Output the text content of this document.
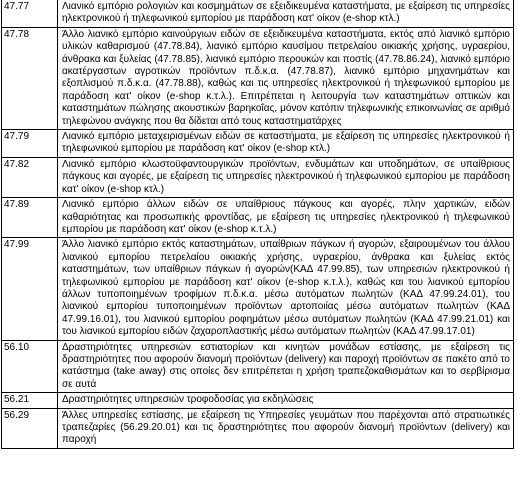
47.77	Λιανικό εμπόριο ρολογιών και κοσμημάτων σε εξειδικευμένα καταστήματα, με εξαίρεση τις υπηρεσίες ηλεκτρονικού ή τηλεφωνικού εμπορίου με παράδοση κατ' οίκον (e-shop κτλ.)
47.78	Άλλο λιανικό εμπόριο καινούργιων ειδών σε εξειδικευμένα καταστήματα, εκτός από λιανικό εμπόριο υλικών καθαρισμού (47.78.84), λιανικό εμπόριο καυσίμου πετρελαίου οικιακής χρήσης, υγραερίου, άνθρακα και ξυλείας (47.78.85), λιανικό εμπόριο περουκών και ποστίς (47.78.86.24), λιανικό εμπόριο ακατέργαστων αγροτικών προϊόντων π.δ.κ.α. (47.78.87), λιανικό εμπόριο μηχανημάτων και εξοπλισμού π.δ.κ.α. (47.78.88), καθώς και τις υπηρεσίες ηλεκτρονικού ή τηλεφωνικού εμπορίου με παράδοση κατ' οίκον (e-shop κ.τ.λ.). Επιτρέπεται η λειτουργία των καταστημάτων οπτικών και καταστημάτων πώλησης ακουστικών βαρηκοΐας, μόνον κατόπιν τηλεφωνικής επικοινωνίας σε αριθμό τηλεφώνου ανάγκης που θα δίδεται από τους καταστηματάρχες
47.79	Λιανικό εμπόριο μεταχειρισμένων ειδών σε καταστήματα, με εξαίρεση τις υπηρεσίες ηλεκτρονικού ή τηλεφωνικού εμπορίου με παράδοση κατ' οίκον (e-shop κτλ.)
47.82	Λιανικό εμπόριο κλωστοϋφαντουργικών προϊόντων, ενδυμάτων και υποδημάτων, σε υπαίθριους πάγκους και αγορές, με εξαίρεση τις υπηρεσίες ηλεκτρονικού ή τηλεφωνικού εμπορίου με παράδοση κατ' οίκον (e-shop κτλ.)
47.89	Λιανικό εμπόριο άλλων ειδών σε υπαίθριους πάγκους και αγορές, πλην χαρτικών, ειδών καθαριότητας και προσωπικής φροντίδας, με εξαίρεση τις υπηρεσίες ηλεκτρονικού ή τηλεφωνικού εμπορίου με παράδοση κατ' οίκον (e-shop κ.τ.λ.)
47.99	Άλλο λιανικό εμπόριο εκτός καταστημάτων, υπαίθριων πάγκων ή αγορών, εξαιρουμένων του άλλου λιανικού εμπορίου πετρελαίου οικιακής χρήσης, υγραερίου, άνθρακα και ξυλείας εκτός καταστημάτων, των υπαίθριων πάγκων ή αγορών(ΚΑΔ 47.99.85), των υπηρεσιών ηλεκτρονικού ή τηλεφωνικού εμπορίου με παράδοση κατ' οίκον (e-shop κ.τ.λ.), καθώς και του λιανικού εμπορίου άλλων τυποποιημένων τροφίμων π.δ.κ.α. μέσω αυτόματων πωλητών (ΚΑΔ 47.99.24.01), του λιανικού εμπορίου τυποποιημένων προϊόντων αρτοποιίας μέσω αυτόματων πωλητών (ΚΑΔ 47.99.16.01), του λιανικού εμπορίου ροφημάτων μέσω αυτόματων πωλητών (ΚΑΔ 47.99.21.01) και του λιανικού εμπορίου ειδών ζαχαροπλαστικής μέσω αυτόματων πωλητών (ΚΑΔ 47.99.17.01)
56.10	Δραστηριότητες υπηρεσιών εστιατορίων και κινητών μονάδων εστίασης, με εξαίρεση τις δραστηριότητες που αφορούν διανομή προϊόντων (delivery) και παροχή προϊόντων σε πακέτο από το κατάστημα (take away) στις οποίες δεν επιτρέπεται η χρήση τραπεζοκαθισμάτων και το σερβίρισμα σε αυτά
56.21	Δραστηριότητες υπηρεσιών τροφοδοσίας για εκδηλώσεις
56.29	Άλλες υπηρεσίες εστίασης, με εξαίρεση τις Υπηρεσίες γευμάτων που παρέχονται από στρατιωτικές τραπεζαρίες (56.29.20.01) και τις δραστηριότητες που αφορούν διανομή προϊόντων (delivery) και παροχή
